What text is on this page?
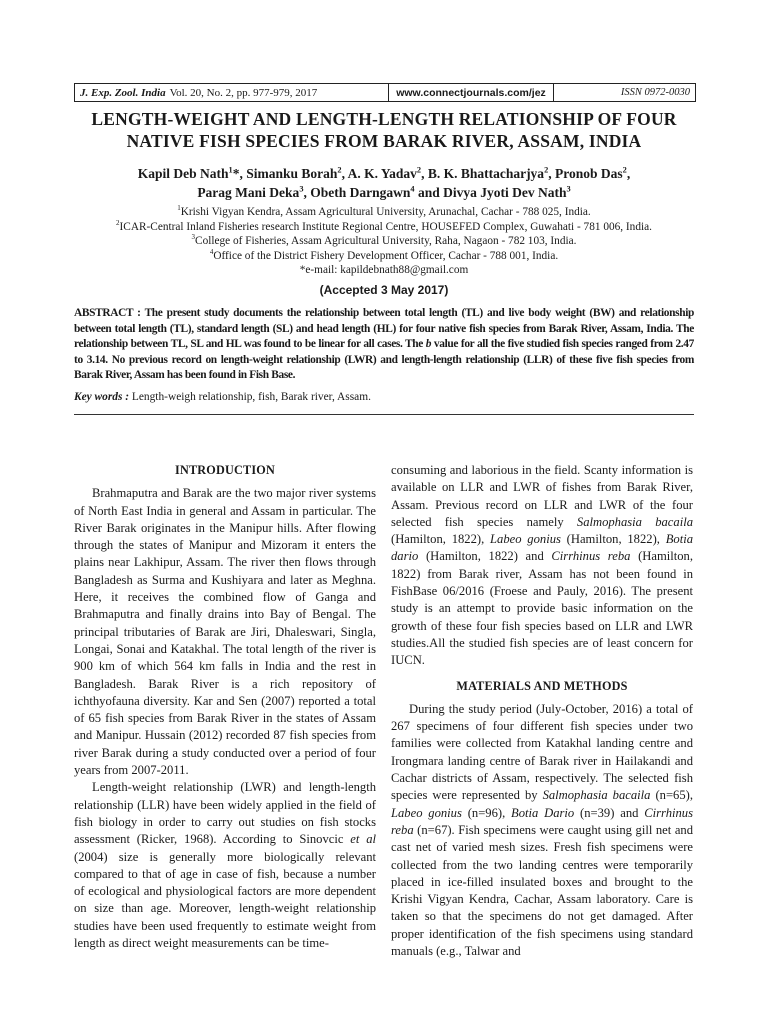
J. Exp. Zool. India Vol. 20, No. 2, pp. 977-979, 2017	www.connectjournals.com/jez	ISSN 0972-0030
LENGTH-WEIGHT AND LENGTH-LENGTH RELATIONSHIP OF FOUR
NATIVE FISH SPECIES FROM BARAK RIVER, ASSAM, INDIA
Kapil Deb Nath$^1$*, Simanku Borah$^2$, A. K. Yadav$^2$, B. K. Bhattacharjya$^2$, Pronob Das$^2$,
Parag Mani Deka$^3$, Obeth Darngawn$^4$ and Divya Jyoti Dev Nath$^3$
$^1$Krishi Vigyan Kendra, Assam Agricultural University, Arunachal, Cachar - 788 025, India.
$^2$ICAR-Central Inland Fisheries research Institute Regional Centre, HOUSEFED Complex, Guwahati - 781 006, India.
$^3$College of Fisheries, Assam Agricultural University, Raha, Nagaon - 782 103, India.
$^4$Office of the District Fishery Development Officer, Cachar - 788 001, India.
*e-mail: kapildebnath88@gmail.com
(Accepted 3 May 2017)
ABSTRACT : The present study documents the relationship between total length (TL) and live body weight (BW) and relationship between total length (TL), standard length (SL) and head length (HL) for four native fish species from Barak River, Assam, India. The relationship between TL, SL and HL was found to be linear for all cases. The b value for all the five studied fish species ranged from 2.47 to 3.14. No previous record on length-weight relationship (LWR) and length-length relationship (LLR) of these five fish species from Barak River, Assam has been found in Fish Base.
Key words : Length-weigh relationship, fish, Barak river, Assam.
INTRODUCTION

Brahmaputra and Barak are the two major river systems of North East India in general and Assam in particular. The River Barak originates in the Manipur hills. After flowing through the states of Manipur and Mizoram it enters the plains near Lakhipur, Assam. The river then flows through Bangladesh as Surma and Kushiyara and later as Meghna. Here, it receives the combined flow of Ganga and Brahmaputra and finally drains into Bay of Bengal. The principal tributaries of Barak are Jiri, Dhaleswari, Singla, Longai, Sonai and Katakhal. The total length of the river is 900 km of which 564 km falls in India and the rest in Bangladesh. Barak River is a rich repository of ichthyofauna diversity. Kar and Sen (2007) reported a total of 65 fish species from Barak River in the states of Assam and Manipur. Hussain (2012) recorded 87 fish species from river Barak during a study conducted over a period of four years from 2007-2011.

Length-weight relationship (LWR) and length-length relationship (LLR) have been widely applied in the field of fish biology in order to carry out studies on fish stocks assessment (Ricker, 1968). According to Sinovcic et al (2004) size is generally more biologically relevant compared to that of age in case of fish, because a number of ecological and physiological factors are more dependent on size than age. Moreover, length-weight relationship studies have been used frequently to estimate weight from length as direct weight measurements can be time-

consuming and laborious in the field. Scanty information is available on LLR and LWR of fishes from Barak River, Assam. Previous record on LLR and LWR of the four selected fish species namely Salmophasia bacaila (Hamilton, 1822), Labeo gonius (Hamilton, 1822), Botia dario (Hamilton, 1822) and Cirrhinus reba (Hamilton, 1822) from Barak river, Assam has not been found in FishBase 06/2016 (Froese and Pauly, 2016). The present study is an attempt to provide basic information on the growth of these four fish species based on LLR and LWR studies.All the studied fish species are of least concern for IUCN.

MATERIALS AND METHODS

During the study period (July-October, 2016) a total of 267 specimens of four different fish species under two families were collected from Katakhal landing centre and Irongmara landing centre of Barak river in Hailakandi and Cachar districts of Assam, respectively. The selected fish species were represented by Salmophasia bacaila (n=65), Labeo gonius (n=96), Botia Dario (n=39) and Cirrhinus reba (n=67). Fish specimens were caught using gill net and cast net of varied mesh sizes. Fresh fish specimens were collected from the two landing centres were temporarily placed in ice-filled insulated boxes and brought to the Krishi Vigyan Kendra, Cachar, Assam laboratory. Care is taken so that the specimens do not get damaged. After proper identification of the fish specimens using standard manuals (e.g., Talwar and
